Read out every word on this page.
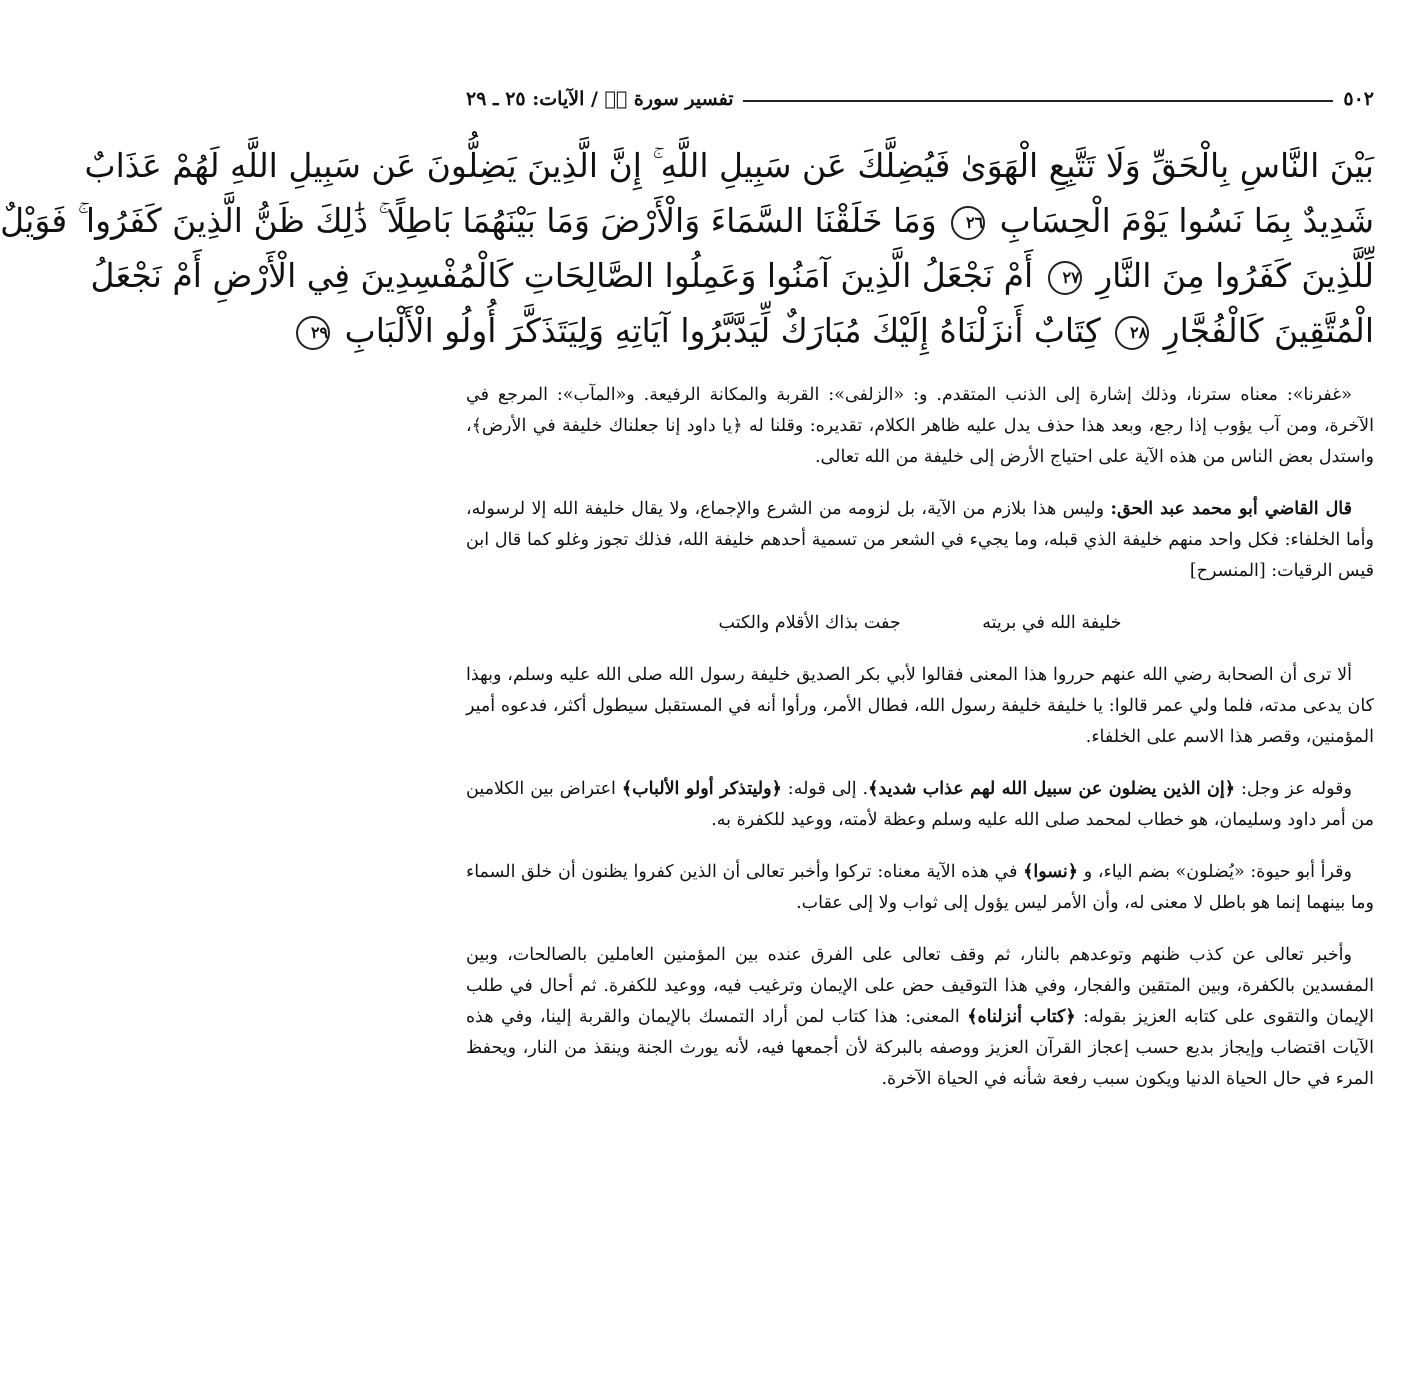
٥٠٢
تفسير سورة صۤ / الآيات: ٢٥ ـ ٢٩
بَيْنَ النَّاسِ بِالْحَقِّ وَلَا تَتَّبِعِ الْهَوَىٰ فَيُضِلَّكَ عَن سَبِيلِ اللَّهِ ۚ إِنَّ الَّذِينَ يَضِلُّونَ عَن سَبِيلِ اللَّهِ لَهُمْ عَذَابٌ
شَدِيدٌ بِمَا نَسُوا يَوْمَ الْحِسَابِ ٢٦ وَمَا خَلَقْنَا السَّمَاءَ وَالْأَرْضَ وَمَا بَيْنَهُمَا بَاطِلًا ۚ ذَٰلِكَ ظَنُّ الَّذِينَ كَفَرُوا ۚ فَوَيْلٌ
لِّلَّذِينَ كَفَرُوا مِنَ النَّارِ ٢٧ أَمْ نَجْعَلُ الَّذِينَ آمَنُوا وَعَمِلُوا الصَّالِحَاتِ كَالْمُفْسِدِينَ فِي الْأَرْضِ أَمْ نَجْعَلُ
الْمُتَّقِينَ كَالْفُجَّارِ ٢٨ كِتَابٌ أَنزَلْنَاهُ إِلَيْكَ مُبَارَكٌ لِّيَدَّبَّرُوا آيَاتِهِ وَلِيَتَذَكَّرَ أُولُو الْأَلْبَابِ ٢٩

«غفرنا»: معناه سترنا، وذلك إشارة إلى الذنب المتقدم. و: «الزلفى»: القربة والمكانة الرفيعة. و«المآب»: المرجع في الآخرة، ومن آب يؤوب إذا رجع، وبعد هذا حذف يدل عليه ظاهر الكلام، تقديره: وقلنا له ﴿يا داود إنا جعلناك خليفة في الأرض﴾، واستدل بعض الناس من هذه الآية على احتياج الأرض إلى خليفة من الله تعالى.

قال القاضي أبو محمد عبد الحق: وليس هذا بلازم من الآية، بل لزومه من الشرع والإجماع، ولا يقال خليفة الله إلا لرسوله، وأما الخلفاء: فكل واحد منهم خليفة الذي قبله، وما يجيء في الشعر من تسمية أحدهم خليفة الله، فذلك تجوز وغلو كما قال ابن قيس الرقيات: [المنسرح]

خليفة الله في بريته جفت بذاك الأقلام والكتب

ألا ترى أن الصحابة رضي الله عنهم حرروا هذا المعنى فقالوا لأبي بكر الصديق خليفة رسول الله صلى الله عليه وسلم، وبهذا كان يدعى مدته، فلما ولي عمر قالوا: يا خليفة خليفة رسول الله، فطال الأمر، ورأوا أنه في المستقبل سيطول أكثر، فدعوه أمير المؤمنين، وقصر هذا الاسم على الخلفاء.

وقوله عز وجل: ﴿إن الذين يضلون عن سبيل الله لهم عذاب شديد﴾. إلى قوله: ﴿وليتذكر أولو الألباب﴾ اعتراض بين الكلامين من أمر داود وسليمان، هو خطاب لمحمد صلى الله عليه وسلم وعظة لأمته، ووعيد للكفرة به.

وقرأ أبو حيوة: «يُضلون» بضم الياء، و ﴿نسوا﴾ في هذه الآية معناه: تركوا وأخبر تعالى أن الذين كفروا يظنون أن خلق السماء وما بينهما إنما هو باطل لا معنى له، وأن الأمر ليس يؤول إلى ثواب ولا إلى عقاب.

وأخبر تعالى عن كذب ظنهم وتوعدهم بالنار، ثم وقف تعالى على الفرق عنده بين المؤمنين العاملين بالصالحات، وبين المفسدين بالكفرة، وبين المتقين والفجار، وفي هذا التوقيف حض على الإيمان وترغيب فيه، ووعيد للكفرة. ثم أحال في طلب الإيمان والتقوى على كتابه العزيز بقوله: ﴿كتاب أنزلناه﴾ المعنى: هذا كتاب لمن أراد التمسك بالإيمان والقربة إلينا، وفي هذه الآيات اقتضاب وإيجاز بديع حسب إعجاز القرآن العزيز ووصفه بالبركة لأن أجمعها فيه، لأنه يورث الجنة وينقذ من النار، ويحفظ المرء في حال الحياة الدنيا ويكون سبب رفعة شأنه في الحياة الآخرة.
